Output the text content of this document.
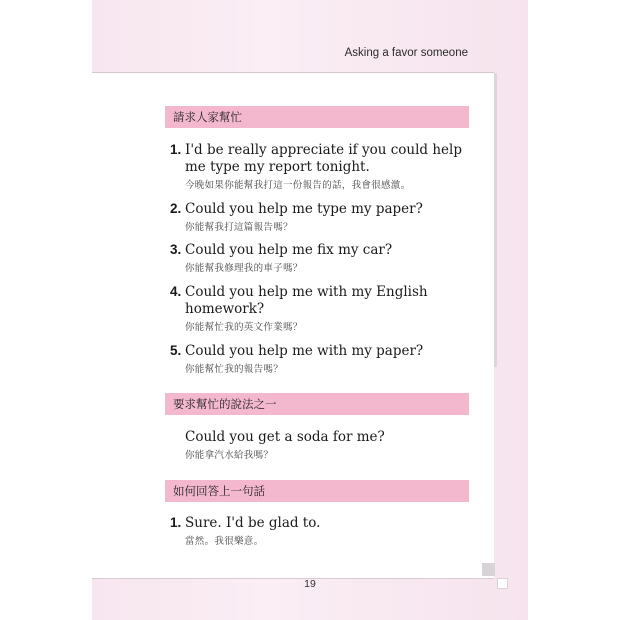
Asking a favor someone
請求人家幫忙
1. I'd be really appreciate if you could help me type my report tonight.
今晚如果你能幫我打這一份報告的話，我會很感激。
2. Could you help me type my paper?
你能幫我打這篇報告嗎？
3. Could you help me fix my car?
你能幫我修理我的車子嗎？
4. Could you help me with my English homework?
你能幫忙我的英文作業嗎？
5. Could you help me with my paper?
你能幫忙我的報告嗎？
要求幫忙的說法之一
Could you get a soda for me?
你能拿汽水給我嗎？
如何回答上一句話
1. Sure. I'd be glad to.
當然。我很樂意。
19
